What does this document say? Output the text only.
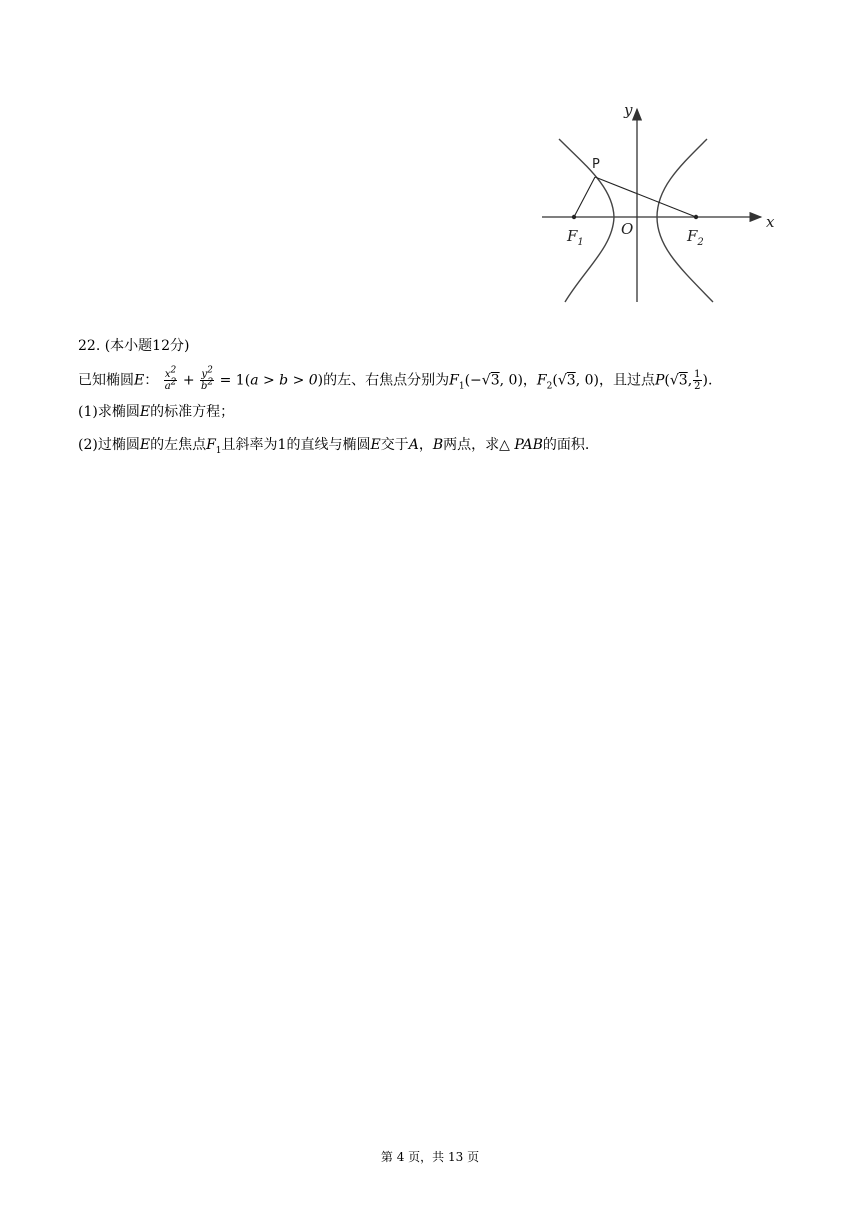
y
x
O
P
$F_1$	$F_2$
22. (本小题12分)
已知椭圆E： $\frac{x^2}{a^2} + \frac{y^2}{b^2} = 1(a > b > 0)$的左、右焦点分别为$F_1(-√3$, 0)，$F_2(√3$, 0)，且过点P(√3, $\frac{1}{2}$ ).
(1)求椭圆E的标准方程；
(2)过椭圆E的左焦点$F_1$且斜率为1的直线与椭圆E交于A，B两点，求△ PAB的面积.
第 4 页，共 13 页
